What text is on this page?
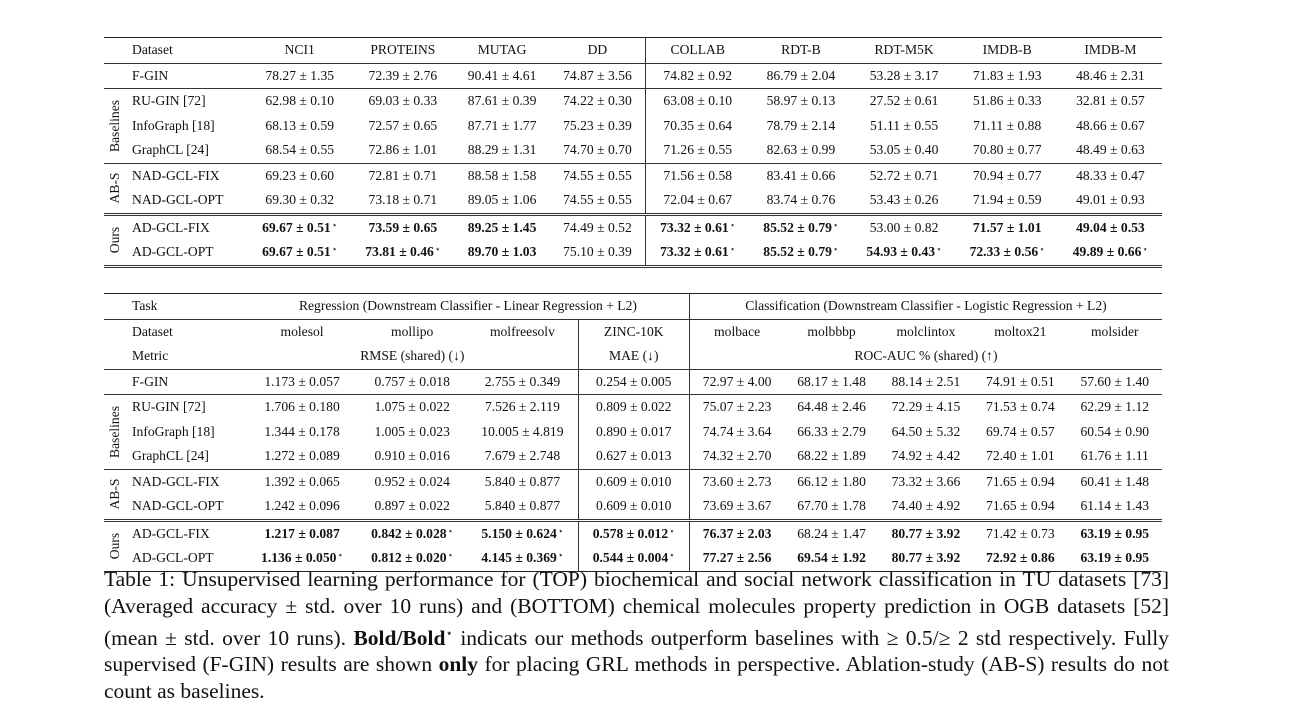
	Dataset	NCI1	PROTEINS	MUTAG	DD	COLLAB	RDT-B	RDT-M5K	IMDB-B	IMDB-M
	F-GIN	78.27 ± 1.35	72.39 ± 2.76	90.41 ± 4.61	74.87 ± 3.56	74.82 ± 0.92	86.79 ± 2.04	53.28 ± 3.17	71.83 ± 1.93	48.46 ± 2.31

Baselines	RU-GIN [72]	62.98 ± 0.10	69.03 ± 0.33	87.61 ± 0.39	74.22 ± 0.30	63.08 ± 0.10	58.97 ± 0.13	27.52 ± 0.61	51.86 ± 0.33	32.81 ± 0.57
	InfoGraph [18]	68.13 ± 0.59	72.57 ± 0.65	87.71 ± 1.77	75.23 ± 0.39	70.35 ± 0.64	78.79 ± 2.14	51.11 ± 0.55	71.11 ± 0.88	48.66 ± 0.67
	GraphCL [24]	68.54 ± 0.55	72.86 ± 1.01	88.29 ± 1.31	74.70 ± 0.70	71.26 ± 0.55	82.63 ± 0.99	53.05 ± 0.40	70.80 ± 0.77	48.49 ± 0.63

AB-S	NAD-GCL-FIX	69.23 ± 0.60	72.81 ± 0.71	88.58 ± 1.58	74.55 ± 0.55	71.56 ± 0.58	83.41 ± 0.66	52.72 ± 0.71	70.94 ± 0.77	48.33 ± 0.47
	NAD-GCL-OPT	69.30 ± 0.32	73.18 ± 0.71	89.05 ± 1.06	74.55 ± 0.55	72.04 ± 0.67	83.74 ± 0.76	53.43 ± 0.26	71.94 ± 0.59	49.01 ± 0.93

Ours	AD-GCL-FIX	69.67 ± 0.51⋆	73.59 ± 0.65	89.25 ± 1.45	74.49 ± 0.52	73.32 ± 0.61⋆	85.52 ± 0.79⋆	53.00 ± 0.82	71.57 ± 1.01	49.04 ± 0.53
	AD-GCL-OPT	69.67 ± 0.51⋆	73.81 ± 0.46⋆	89.70 ± 1.03	75.10 ± 0.39	73.32 ± 0.61⋆	85.52 ± 0.79⋆	54.93 ± 0.43⋆	72.33 ± 0.56⋆	49.89 ± 0.66⋆
	Task	Regression (Downstream Classifier - Linear Regression + L2)				Classification (Downstream Classifier - Logistic Regression + L2)				
	Dataset	molesol	mollipo	molfreesolv	ZINC-10K	molbace	molbbbp	molclintox	moltox21	molsider
	Metric	RMSE (shared) (↓)			MAE (↓)	ROC-AUC % (shared) (↑)				
	F-GIN	1.173 ± 0.057	0.757 ± 0.018	2.755 ± 0.349	0.254 ± 0.005	72.97 ± 4.00	68.17 ± 1.48	88.14 ± 2.51	74.91 ± 0.51	57.60 ± 1.40

Baselines	RU-GIN [72]	1.706 ± 0.180	1.075 ± 0.022	7.526 ± 2.119	0.809 ± 0.022	75.07 ± 2.23	64.48 ± 2.46	72.29 ± 4.15	71.53 ± 0.74	62.29 ± 1.12
	InfoGraph [18]	1.344 ± 0.178	1.005 ± 0.023	10.005 ± 4.819	0.890 ± 0.017	74.74 ± 3.64	66.33 ± 2.79	64.50 ± 5.32	69.74 ± 0.57	60.54 ± 0.90
	GraphCL [24]	1.272 ± 0.089	0.910 ± 0.016	7.679 ± 2.748	0.627 ± 0.013	74.32 ± 2.70	68.22 ± 1.89	74.92 ± 4.42	72.40 ± 1.01	61.76 ± 1.11

AB-S	NAD-GCL-FIX	1.392 ± 0.065	0.952 ± 0.024	5.840 ± 0.877	0.609 ± 0.010	73.60 ± 2.73	66.12 ± 1.80	73.32 ± 3.66	71.65 ± 0.94	60.41 ± 1.48
	NAD-GCL-OPT	1.242 ± 0.096	0.897 ± 0.022	5.840 ± 0.877	0.609 ± 0.010	73.69 ± 3.67	67.70 ± 1.78	74.40 ± 4.92	71.65 ± 0.94	61.14 ± 1.43

Ours	AD-GCL-FIX	1.217 ± 0.087	0.842 ± 0.028⋆	5.150 ± 0.624⋆	0.578 ± 0.012⋆	76.37 ± 2.03	68.24 ± 1.47	80.77 ± 3.92	71.42 ± 0.73	63.19 ± 0.95
	AD-GCL-OPT	1.136 ± 0.050⋆	0.812 ± 0.020⋆	4.145 ± 0.369⋆	0.544 ± 0.004⋆	77.27 ± 2.56	69.54 ± 1.92	80.77 ± 3.92	72.92 ± 0.86	63.19 ± 0.95
Table 1: Unsupervised learning performance for (TOP) biochemical and social network classification in TU datasets [73] (Averaged accuracy ± std. over 10 runs) and (BOTTOM) chemical molecules property prediction in OGB datasets [52] (mean ± std. over 10 runs). Bold/Bold⋆ indicats our methods outperform baselines with ≥ 0.5/≥ 2 std respectively. Fully supervised (F-GIN) results are shown only for placing GRL methods in perspective. Ablation-study (AB-S) results do not count as baselines.
